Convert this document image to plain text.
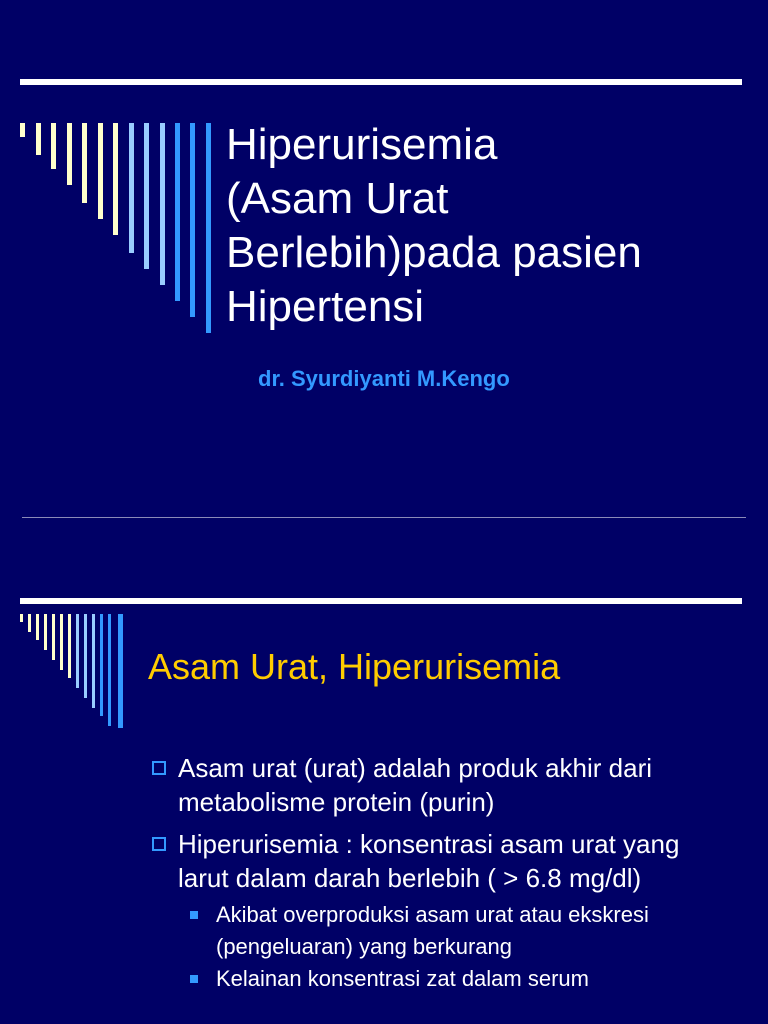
Hiperurisemia
(Asam Urat
Berlebih)pada pasien
Hipertensi

dr. Syurdiyanti M.Kengo

Asam Urat, Hiperurisemia
Asam urat (urat) adalah produk akhir dari metabolisme protein (purin)
Hiperurisemia : konsentrasi asam urat yang larut dalam darah berlebih ( > 6.8 mg/dl)
Akibat overproduksi asam urat atau ekskresi (pengeluaran) yang berkurang
Kelainan konsentrasi zat dalam serum
